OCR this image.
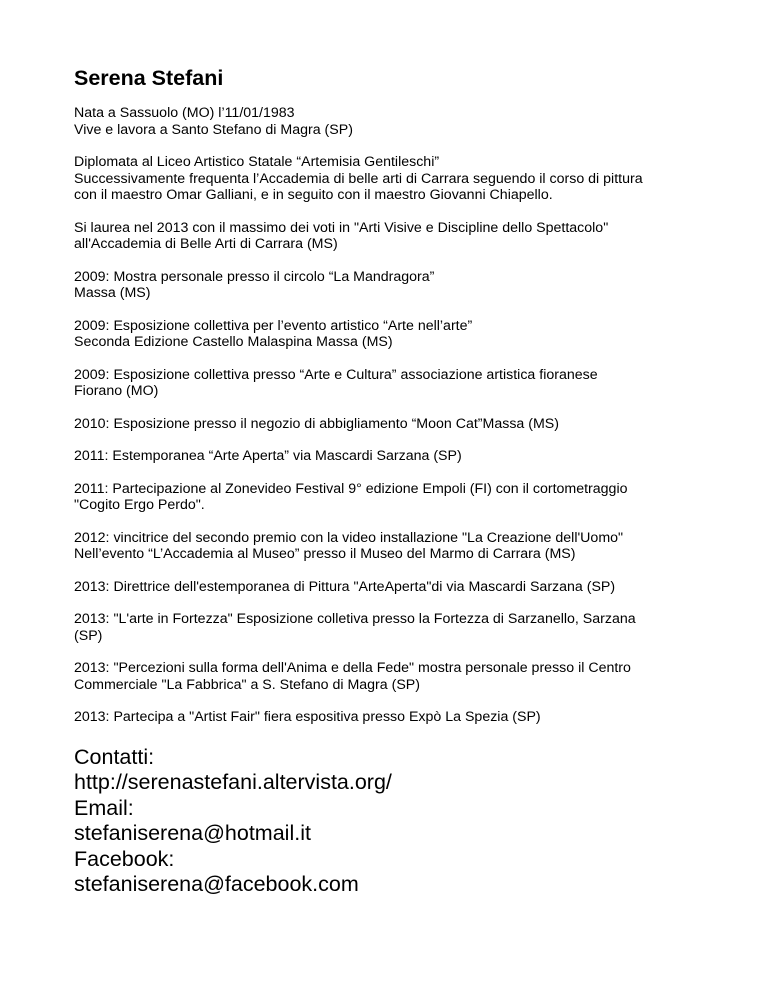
Serena Stefani
Nata a Sassuolo (MO) l’11/01/1983
Vive e lavora a Santo Stefano di Magra (SP)
Diplomata al Liceo Artistico Statale “Artemisia Gentileschi”
Successivamente frequenta l’Accademia di belle arti di Carrara seguendo il corso di pittura
con il maestro Omar Galliani, e in seguito con il maestro Giovanni Chiapello.
Si laurea nel 2013 con il massimo dei voti in "Arti Visive e Discipline dello Spettacolo"
all'Accademia di Belle Arti di Carrara (MS)
2009: Mostra personale presso il circolo “La Mandragora”
Massa (MS)
2009: Esposizione collettiva per l’evento artistico “Arte nell’arte”
Seconda Edizione Castello Malaspina Massa (MS)
2009: Esposizione collettiva presso “Arte e Cultura” associazione artistica fioranese
Fiorano (MO)
2010: Esposizione presso il negozio di abbigliamento “Moon Cat”Massa (MS)
2011: Estemporanea “Arte Aperta” via Mascardi Sarzana (SP)
2011: Partecipazione al Zonevideo Festival 9° edizione Empoli (FI) con il cortometraggio
"Cogito Ergo Perdo".
2012: vincitrice del secondo premio con la video installazione "La Creazione dell'Uomo"
Nell’evento “L’Accademia al Museo” presso il Museo del Marmo di Carrara (MS)
2013: Direttrice dell'estemporanea di Pittura "ArteAperta"di via Mascardi Sarzana (SP)
2013: "L'arte in Fortezza" Esposizione colletiva presso la Fortezza di Sarzanello, Sarzana
(SP)
2013: "Percezioni sulla forma dell'Anima e della Fede" mostra personale presso il Centro
Commerciale "La Fabbrica" a S. Stefano di Magra (SP)
2013: Partecipa a "Artist Fair" fiera espositiva presso Expò La Spezia (SP)
Contatti:
http://serenastefani.altervista.org/
Email:
stefaniserena@hotmail.it
Facebook:
stefaniserena@facebook.com
